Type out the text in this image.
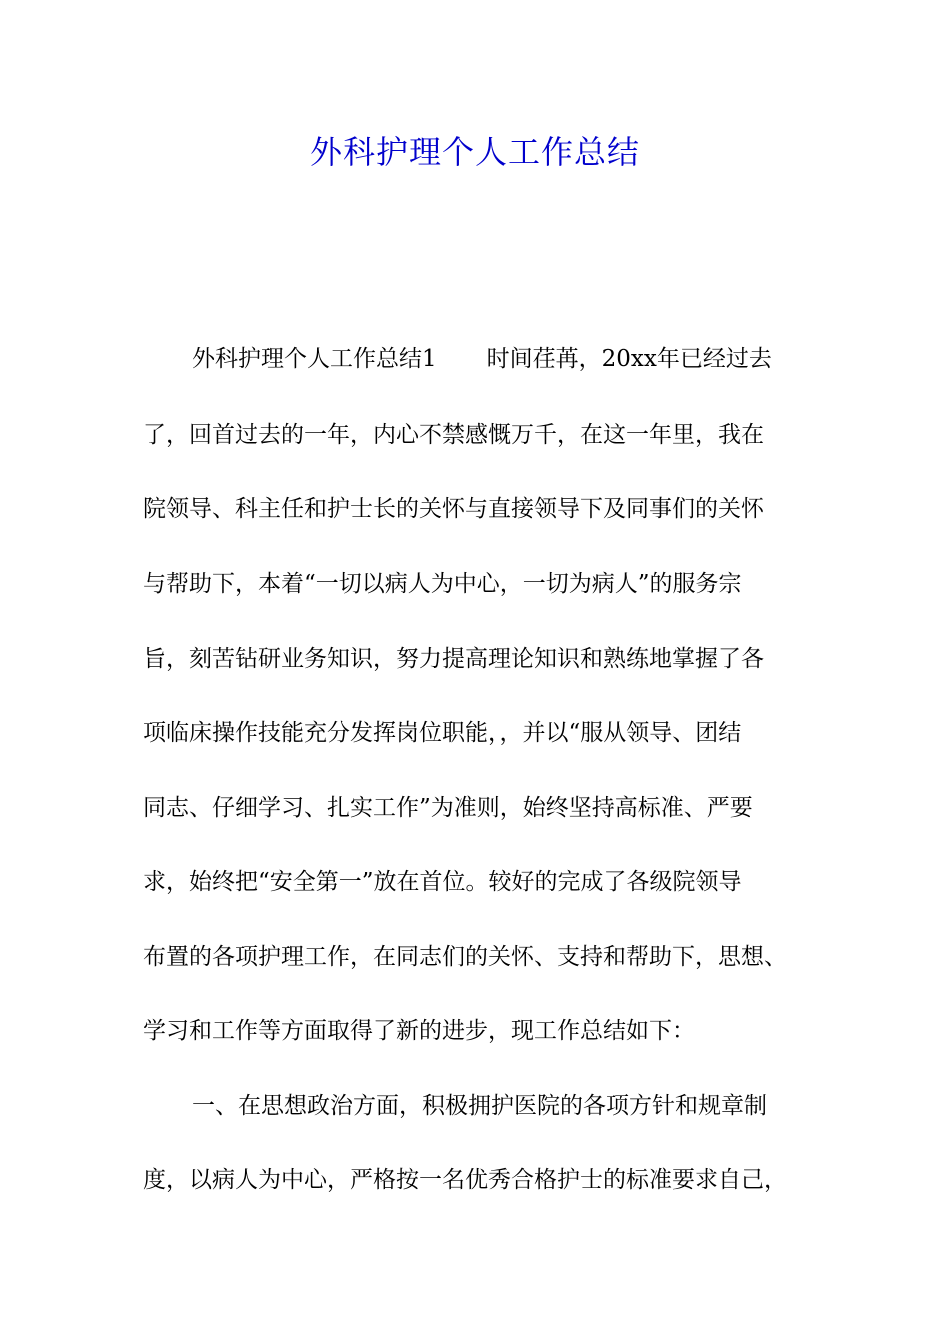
外科护理个人工作总结

外科护理个人工作总结1 时间荏苒，20xx年已经过去

了，回首过去的一年，内心不禁感慨万千，在这一年里，我在

院领导、科主任和护士长的关怀与直接领导下及同事们的关怀

与帮助下，本着“一切以病人为中心，一切为病人”的服务宗

旨，刻苦钻研业务知识，努力提高理论知识和熟练地掌握了各

项临床操作技能充分发挥岗位职能，，并以“服从领导、团结

同志、仔细学习、扎实工作”为准则，始终坚持高标准、严要

求，始终把“安全第一”放在首位。较好的完成了各级院领导

布置的各项护理工作，在同志们的关怀、支持和帮助下，思想、

学习和工作等方面取得了新的进步，现工作总结如下：

一、在思想政治方面，积极拥护医院的各项方针和规章制

度，以病人为中心，严格按一名优秀合格护士的标准要求自己，
